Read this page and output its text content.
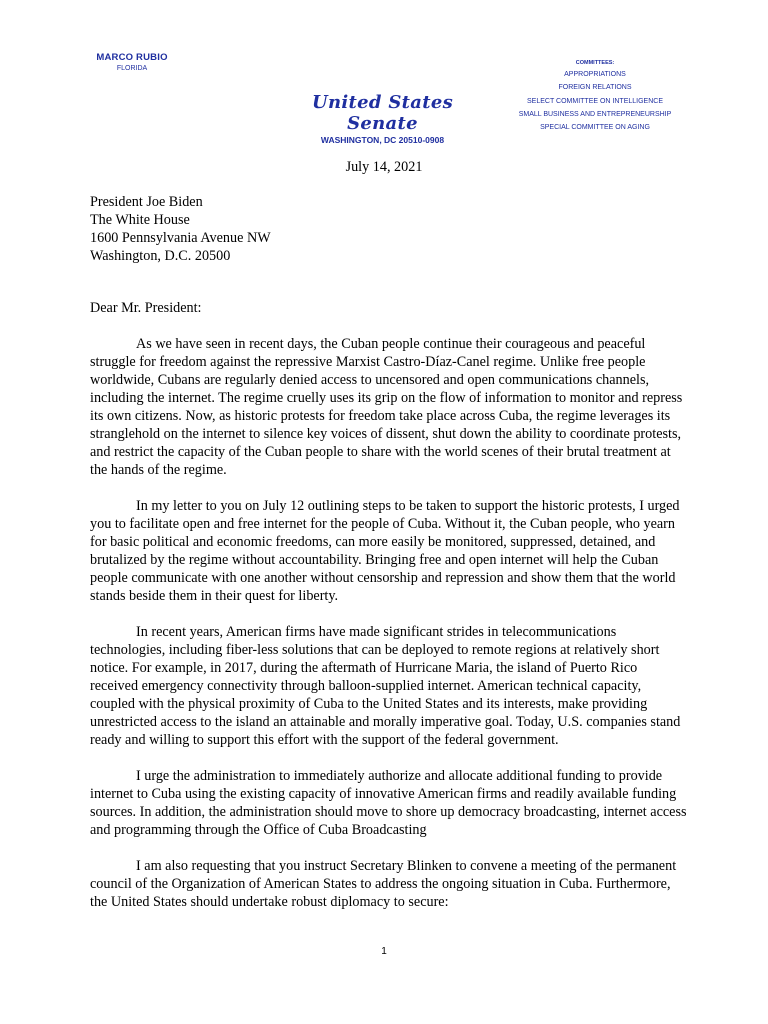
MARCO RUBIO
FLORIDA
United States Senate
WASHINGTON, DC 20510-0908
COMMITTEES:
APPROPRIATIONS
FOREIGN RELATIONS
SELECT COMMITTEE ON INTELLIGENCE
SMALL BUSINESS AND ENTREPRENEURSHIP
SPECIAL COMMITTEE ON AGING
July 14, 2021
President Joe Biden
The White House
1600 Pennsylvania Avenue NW
Washington, D.C. 20500
Dear Mr. President:

As we have seen in recent days, the Cuban people continue their courageous and peaceful struggle for freedom against the repressive Marxist Castro-Díaz-Canel regime. Unlike free people worldwide, Cubans are regularly denied access to uncensored and open communications channels, including the internet. The regime cruelly uses its grip on the flow of information to monitor and repress its own citizens. Now, as historic protests for freedom take place across Cuba, the regime leverages its stranglehold on the internet to silence key voices of dissent, shut down the ability to coordinate protests, and restrict the capacity of the Cuban people to share with the world scenes of their brutal treatment at the hands of the regime.

In my letter to you on July 12 outlining steps to be taken to support the historic protests, I urged you to facilitate open and free internet for the people of Cuba. Without it, the Cuban people, who yearn for basic political and economic freedoms, can more easily be monitored, suppressed, detained, and brutalized by the regime without accountability. Bringing free and open internet will help the Cuban people communicate with one another without censorship and repression and show them that the world stands beside them in their quest for liberty.

In recent years, American firms have made significant strides in telecommunications technologies, including fiber-less solutions that can be deployed to remote regions at relatively short notice. For example, in 2017, during the aftermath of Hurricane Maria, the island of Puerto Rico received emergency connectivity through balloon-supplied internet. American technical capacity, coupled with the physical proximity of Cuba to the United States and its interests, make providing unrestricted access to the island an attainable and morally imperative goal. Today, U.S. companies stand ready and willing to support this effort with the support of the federal government.

I urge the administration to immediately authorize and allocate additional funding to provide internet to Cuba using the existing capacity of innovative American firms and readily available funding sources. In addition, the administration should move to shore up democracy broadcasting, internet access and programming through the Office of Cuba Broadcasting

I am also requesting that you instruct Secretary Blinken to convene a meeting of the permanent council of the Organization of American States to address the ongoing situation in Cuba. Furthermore, the United States should undertake robust diplomacy to secure:

1
